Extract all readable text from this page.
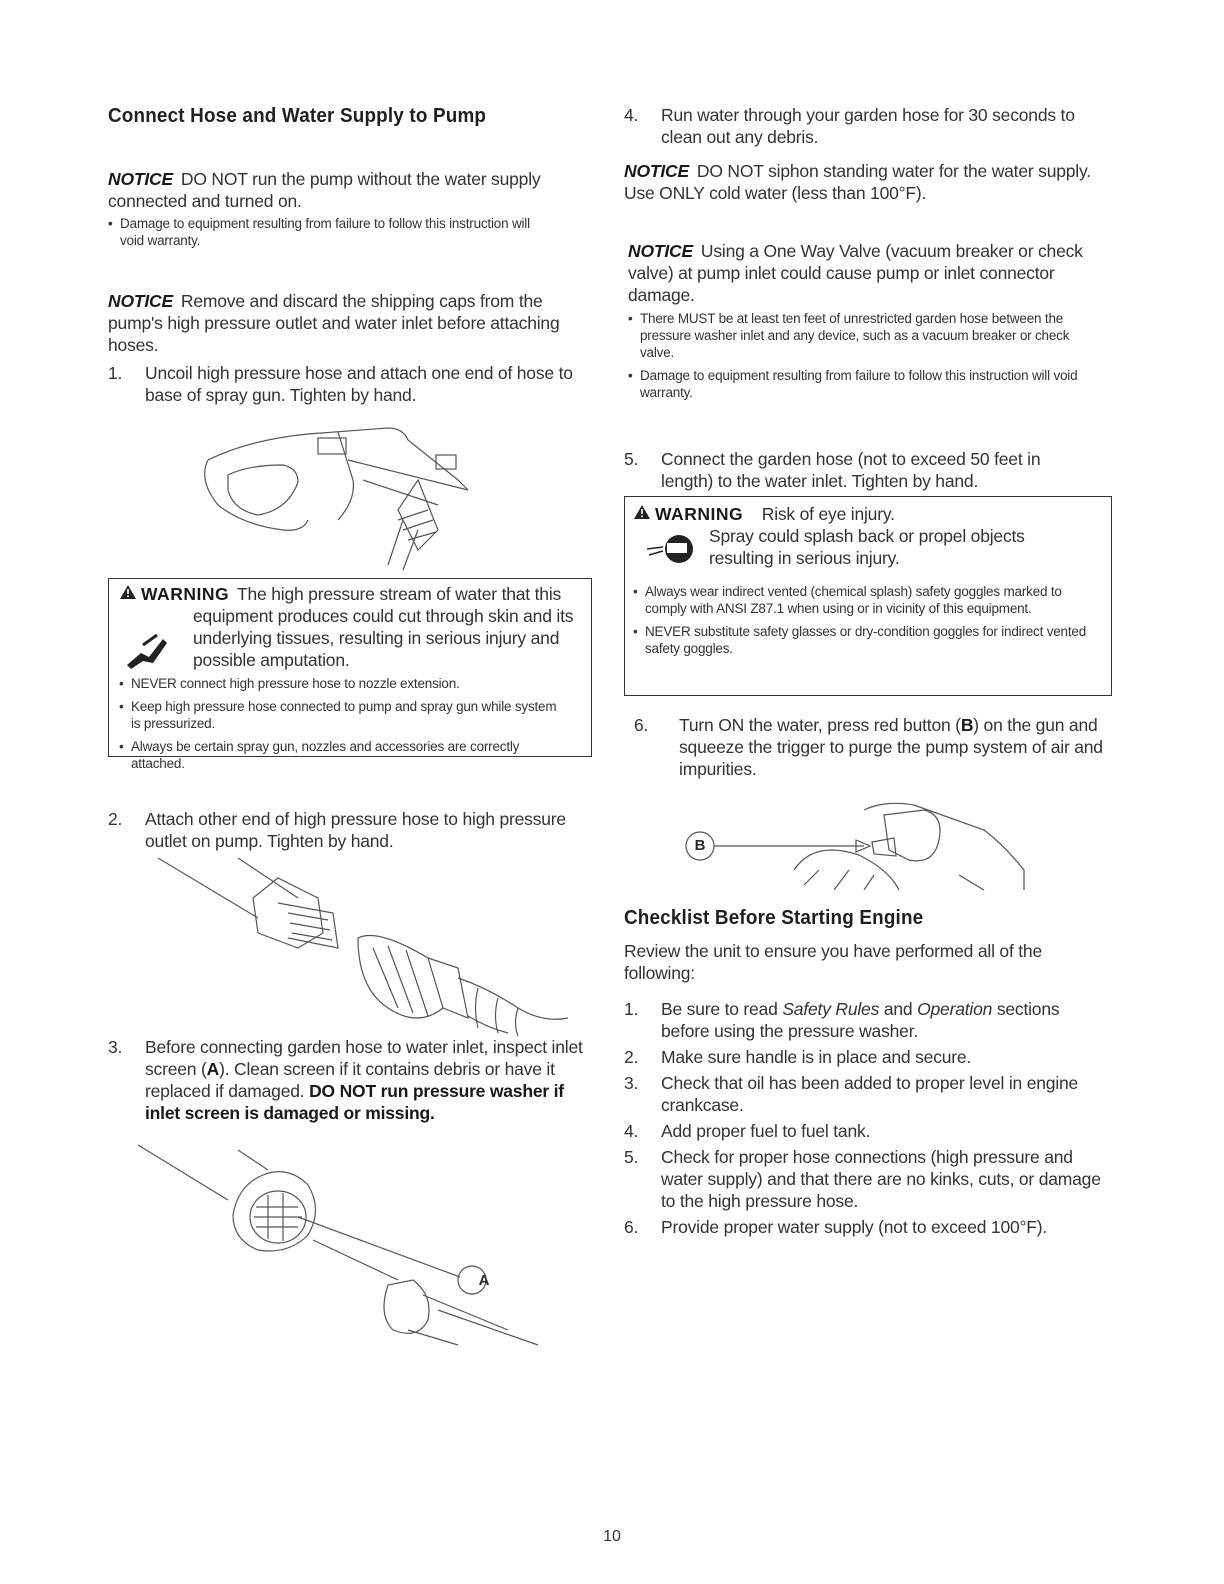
Connect Hose and Water Supply to Pump
NOTICE DO NOT run the pump without the water supply connected and turned on.
• Damage to equipment resulting from failure to follow this instruction will void warranty.
NOTICE Remove and discard the shipping caps from the pump's high pressure outlet and water inlet before attaching hoses.
1. Uncoil high pressure hose and attach one end of hose to base of spray gun. Tighten by hand.
WARNING The high pressure stream of water that this equipment produces could cut through skin and its underlying tissues, resulting in serious injury and possible amputation.
• NEVER connect high pressure hose to nozzle extension.
• Keep high pressure hose connected to pump and spray gun while system is pressurized.
• Always be certain spray gun, nozzles and accessories are correctly attached.
2. Attach other end of high pressure hose to high pressure outlet on pump. Tighten by hand.
3. Before connecting garden hose to water inlet, inspect inlet screen (A). Clean screen if it contains debris or have it replaced if damaged. DO NOT run pressure washer if inlet screen is damaged or missing.
A
4. Run water through your garden hose for 30 seconds to clean out any debris.
NOTICE DO NOT siphon standing water for the water supply. Use ONLY cold water (less than 100°F).
NOTICE Using a One Way Valve (vacuum breaker or check valve) at pump inlet could cause pump or inlet connector damage.
• There MUST be at least ten feet of unrestricted garden hose between the pressure washer inlet and any device, such as a vacuum breaker or check valve.
• Damage to equipment resulting from failure to follow this instruction will void warranty.
5. Connect the garden hose (not to exceed 50 feet in length) to the water inlet. Tighten by hand.
WARNING Risk of eye injury.
Spray could splash back or propel objects resulting in serious injury.
• Always wear indirect vented (chemical splash) safety goggles marked to comply with ANSI Z87.1 when using or in vicinity of this equipment.
• NEVER substitute safety glasses or dry-condition goggles for indirect vented safety goggles.
6. Turn ON the water, press red button (B) on the gun and squeeze the trigger to purge the pump system of air and impurities.
B
Checklist Before Starting Engine
Review the unit to ensure you have performed all of the following:
1. Be sure to read Safety Rules and Operation sections before using the pressure washer.
2. Make sure handle is in place and secure.
3. Check that oil has been added to proper level in engine crankcase.
4. Add proper fuel to fuel tank.
5. Check for proper hose connections (high pressure and water supply) and that there are no kinks, cuts, or damage to the high pressure hose.
6. Provide proper water supply (not to exceed 100°F).
10
